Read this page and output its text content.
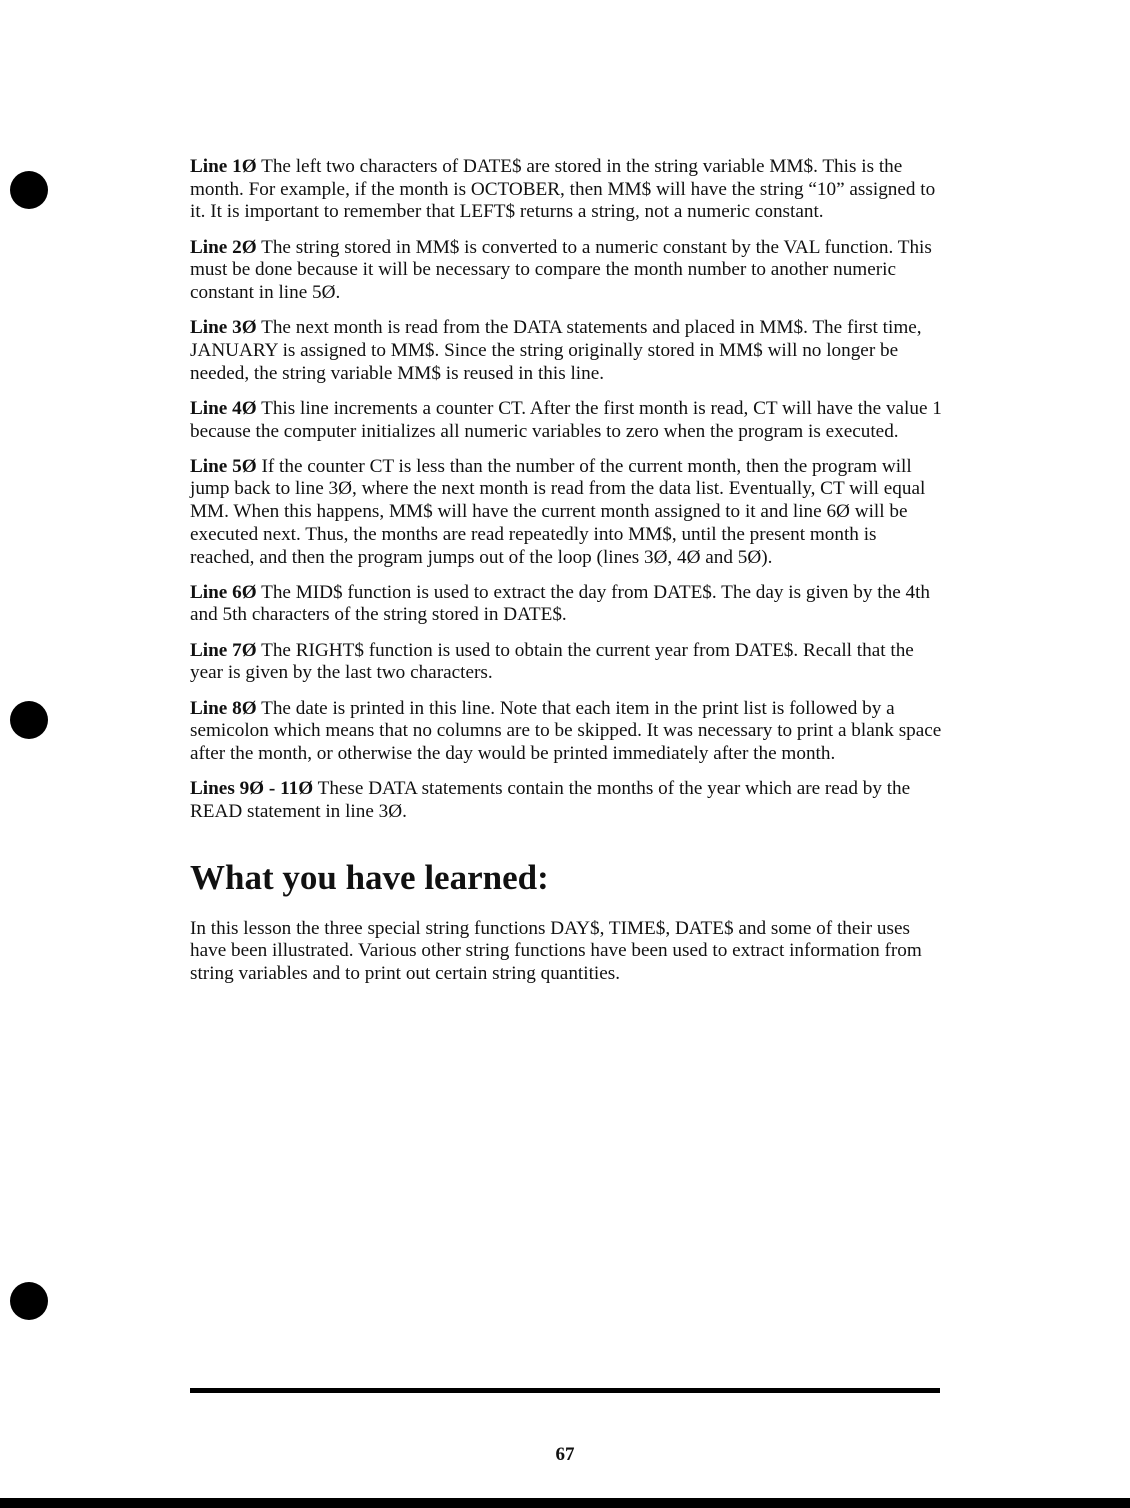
Line 1Ø The left two characters of DATE$ are stored in the string variable MM$. This is the month. For example, if the month is OCTOBER, then MM$ will have the string “10” assigned to it. It is important to remember that LEFT$ returns a string, not a numeric constant.

Line 2Ø The string stored in MM$ is converted to a numeric constant by the VAL function. This must be done because it will be necessary to compare the month number to another numeric constant in line 5Ø.

Line 3Ø The next month is read from the DATA statements and placed in MM$. The first time, JANUARY is assigned to MM$. Since the string originally stored in MM$ will no longer be needed, the string variable MM$ is reused in this line.

Line 4Ø This line increments a counter CT. After the first month is read, CT will have the value 1 because the computer initializes all numeric variables to zero when the program is executed.

Line 5Ø If the counter CT is less than the number of the current month, then the program will jump back to line 3Ø, where the next month is read from the data list. Eventually, CT will equal MM. When this happens, MM$ will have the current month assigned to it and line 6Ø will be executed next. Thus, the months are read repeatedly into MM$, until the present month is reached, and then the program jumps out of the loop (lines 3Ø, 4Ø and 5Ø).

Line 6Ø The MID$ function is used to extract the day from DATE$. The day is given by the 4th and 5th characters of the string stored in DATE$.

Line 7Ø The RIGHT$ function is used to obtain the current year from DATE$. Recall that the year is given by the last two characters.

Line 8Ø The date is printed in this line. Note that each item in the print list is followed by a semicolon which means that no columns are to be skipped. It was necessary to print a blank space after the month, or otherwise the day would be printed immediately after the month.

Lines 9Ø - 11Ø These DATA statements contain the months of the year which are read by the READ statement in line 3Ø.

What you have learned:

In this lesson the three special string functions DAY$, TIME$, DATE$ and some of their uses have been illustrated. Various other string functions have been used to extract information from string variables and to print out certain string quantities.

67
